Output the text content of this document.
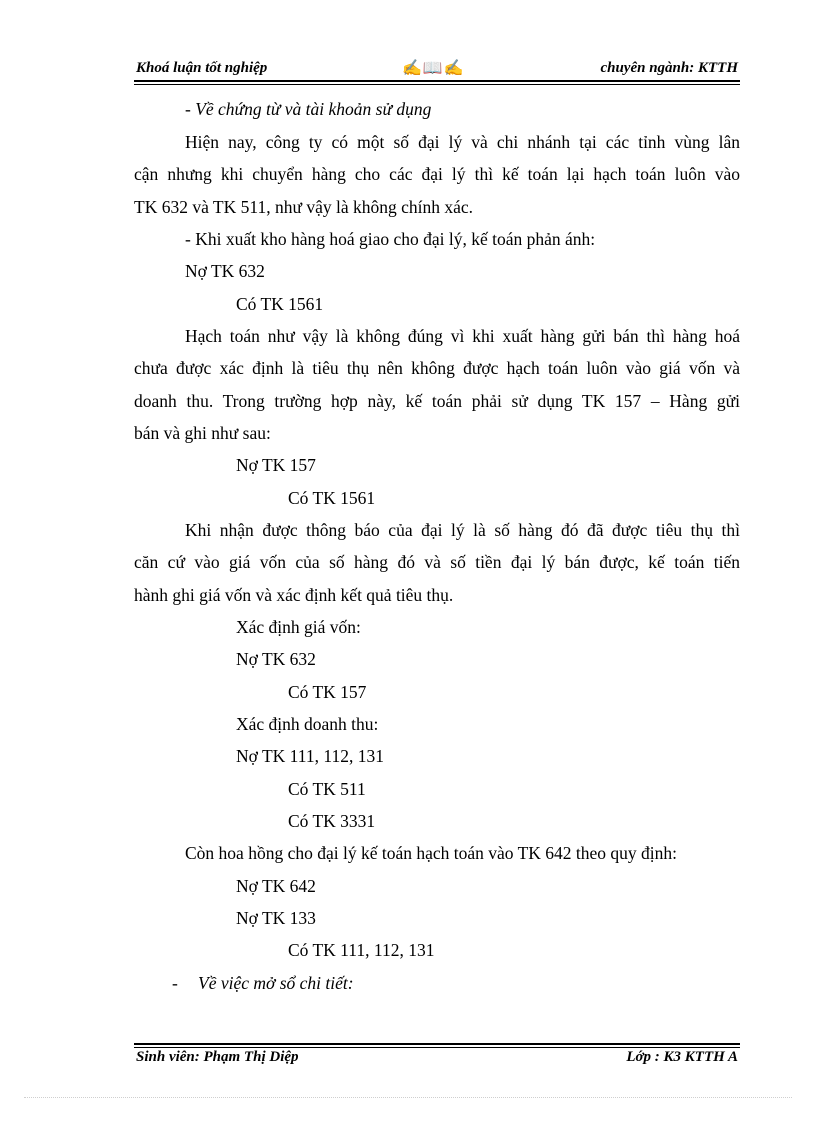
Khoá luận tốt nghiệp	✍📖✍	chuyên ngành: KTTH
- Về chứng từ và tài khoản sử dụng
Hiện nay, công ty có một số đại lý và chi nhánh tại các tỉnh vùng lân
cận nhưng khi chuyển hàng cho các đại lý thì kế toán lại hạch toán luôn vào
TK 632 và TK 511, như vậy là không chính xác.
- Khi xuất kho hàng hoá giao cho đại lý, kế toán phản ánh:
Nợ TK 632
Có TK 1561
Hạch toán như vậy là không đúng vì khi xuất hàng gửi bán thì hàng hoá
chưa được xác định là tiêu thụ nên không được hạch toán luôn vào giá vốn và
doanh thu. Trong trường hợp này, kế toán phải sử dụng TK 157 – Hàng gửi
bán và ghi như sau:
Nợ TK 157
Có TK 1561
Khi nhận được thông báo của đại lý là số hàng đó đã được tiêu thụ thì
căn cứ vào giá vốn của số hàng đó và số tiền đại lý bán được, kế toán tiến
hành ghi giá vốn và xác định kết quả tiêu thụ.
Xác định giá vốn:
Nợ TK 632
Có TK 157
Xác định doanh thu:
Nợ TK 111, 112, 131
Có TK 511
Có TK 3331
Còn hoa hồng cho đại lý kế toán hạch toán vào TK 642 theo quy định:
Nợ TK 642
Nợ TK 133
Có TK 111, 112, 131
- Về việc mở sổ chi tiết:
Sinh viên: Phạm Thị Diệp	Lớp : K3 KTTH A
